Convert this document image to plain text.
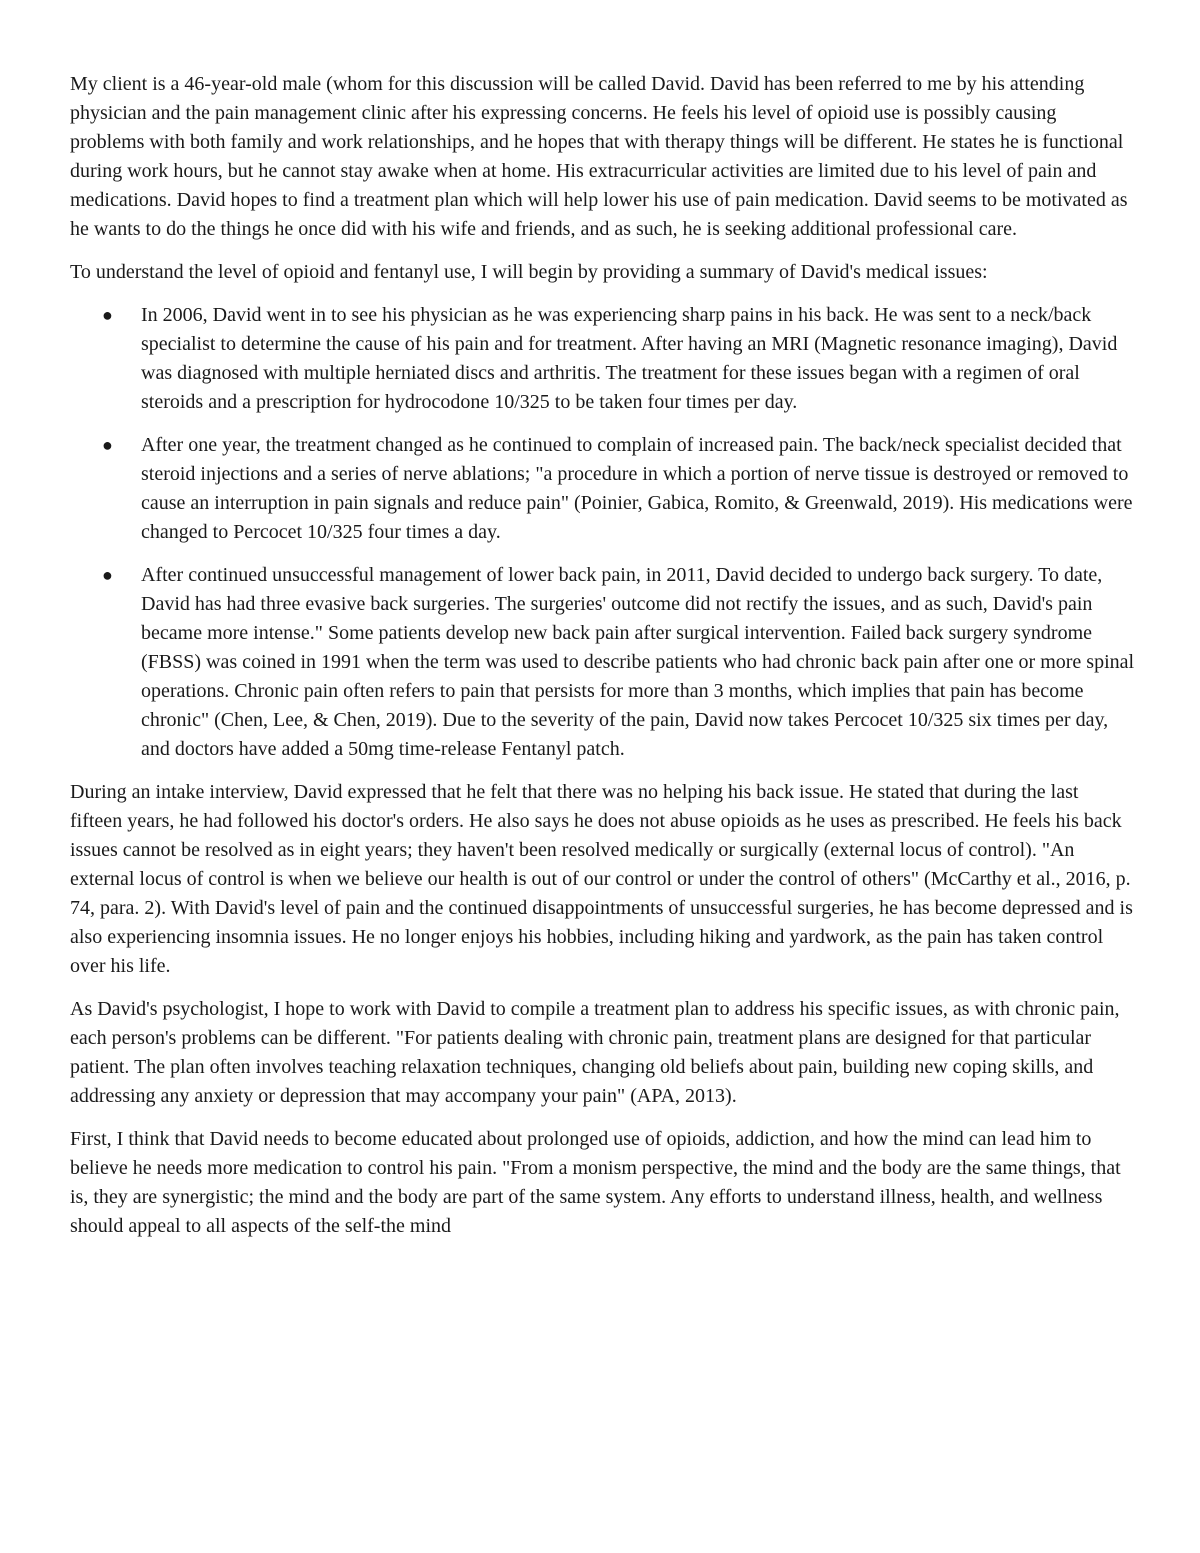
My client is a 46-year-old male (whom for this discussion will be called David. David has been referred to me by his attending physician and the pain management clinic after his expressing concerns. He feels his level of opioid use is possibly causing problems with both family and work relationships, and he hopes that with therapy things will be different. He states he is functional during work hours, but he cannot stay awake when at home. His extracurricular activities are limited due to his level of pain and medications. David hopes to find a treatment plan which will help lower his use of pain medication. David seems to be motivated as he wants to do the things he once did with his wife and friends, and as such, he is seeking additional professional care.

To understand the level of opioid and fentanyl use, I will begin by providing a summary of David's medical issues:

● In 2006, David went in to see his physician as he was experiencing sharp pains in his back. He was sent to a neck/back specialist to determine the cause of his pain and for treatment. After having an MRI (Magnetic resonance imaging), David was diagnosed with multiple herniated discs and arthritis. The treatment for these issues began with a regimen of oral steroids and a prescription for hydrocodone 10/325 to be taken four times per day.
● After one year, the treatment changed as he continued to complain of increased pain. The back/neck specialist decided that steroid injections and a series of nerve ablations; "a procedure in which a portion of nerve tissue is destroyed or removed to cause an interruption in pain signals and reduce pain" (Poinier, Gabica, Romito, & Greenwald, 2019). His medications were changed to Percocet 10/325 four times a day.
● After continued unsuccessful management of lower back pain, in 2011, David decided to undergo back surgery. To date, David has had three evasive back surgeries. The surgeries' outcome did not rectify the issues, and as such, David's pain became more intense." Some patients develop new back pain after surgical intervention. Failed back surgery syndrome (FBSS) was coined in 1991 when the term was used to describe patients who had chronic back pain after one or more spinal operations. Chronic pain often refers to pain that persists for more than 3 months, which implies that pain has become chronic" (Chen, Lee, & Chen, 2019). Due to the severity of the pain, David now takes Percocet 10/325 six times per day, and doctors have added a 50mg time-release Fentanyl patch.

During an intake interview, David expressed that he felt that there was no helping his back issue. He stated that during the last fifteen years, he had followed his doctor's orders. He also says he does not abuse opioids as he uses as prescribed. He feels his back issues cannot be resolved as in eight years; they haven't been resolved medically or surgically (external locus of control). "An external locus of control is when we believe our health is out of our control or under the control of others" (McCarthy et al., 2016, p. 74, para. 2). With David's level of pain and the continued disappointments of unsuccessful surgeries, he has become depressed and is also experiencing insomnia issues. He no longer enjoys his hobbies, including hiking and yardwork, as the pain has taken control over his life.

As David's psychologist, I hope to work with David to compile a treatment plan to address his specific issues, as with chronic pain, each person's problems can be different. "For patients dealing with chronic pain, treatment plans are designed for that particular patient. The plan often involves teaching relaxation techniques, changing old beliefs about pain, building new coping skills, and addressing any anxiety or depression that may accompany your pain" (APA, 2013).

First, I think that David needs to become educated about prolonged use of opioids, addiction, and how the mind can lead him to believe he needs more medication to control his pain. "From a monism perspective, the mind and the body are the same things, that is, they are synergistic; the mind and the body are part of the same system. Any efforts to understand illness, health, and wellness should appeal to all aspects of the self-the mind
